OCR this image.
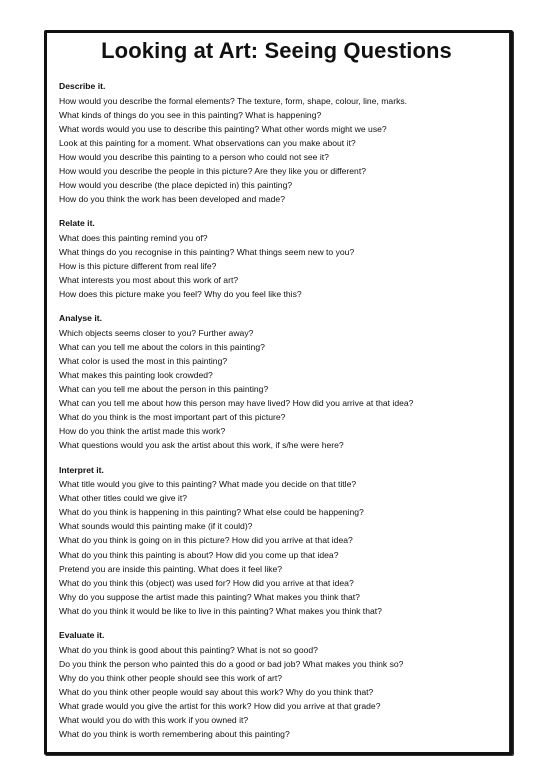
Looking at Art: Seeing Questions
Describe it.
How would you describe the formal elements? The texture, form, shape, colour, line, marks.
What kinds of things do you see in this painting? What is happening?
What words would you use to describe this painting? What other words might we use?
Look at this painting for a moment. What observations can you make about it?
How would you describe this painting to a person who could not see it?
How would you describe the people in this picture? Are they like you or different?
How would you describe (the place depicted in) this painting?
How do you think the work has been developed and made?
Relate it.
What does this painting remind you of?
What things do you recognise in this painting? What things seem new to you?
How is this picture different from real life?
What interests you most about this work of art?
How does this picture make you feel? Why do you feel like this?
Analyse it.
Which objects seems closer to you? Further away?
What can you tell me about the colors in this painting?
What color is used the most in this painting?
What makes this painting look crowded?
What can you tell me about the person in this painting?
What can you tell me about how this person may have lived? How did you arrive at that idea?
What do you think is the most important part of this picture?
How do you think the artist made this work?
What questions would you ask the artist about this work, if s/he were here?
Interpret it.
What title would you give to this painting? What made you decide on that title?
What other titles could we give it?
What do you think is happening in this painting? What else could be happening?
What sounds would this painting make (if it could)?
What do you think is going on in this picture? How did you arrive at that idea?
What do you think this painting is about? How did you come up that idea?
Pretend you are inside this painting. What does it feel like?
What do you think this (object) was used for? How did you arrive at that idea?
Why do you suppose the artist made this painting? What makes you think that?
What do you think it would be like to live in this painting? What makes you think that?
Evaluate it.
What do you think is good about this painting? What is not so good?
Do you think the person who painted this do a good or bad job? What makes you think so?
Why do you think other people should see this work of art?
What do you think other people would say about this work? Why do you think that?
What grade would you give the artist for this work? How did you arrive at that grade?
What would you do with this work if you owned it?
What do you think is worth remembering about this painting?
